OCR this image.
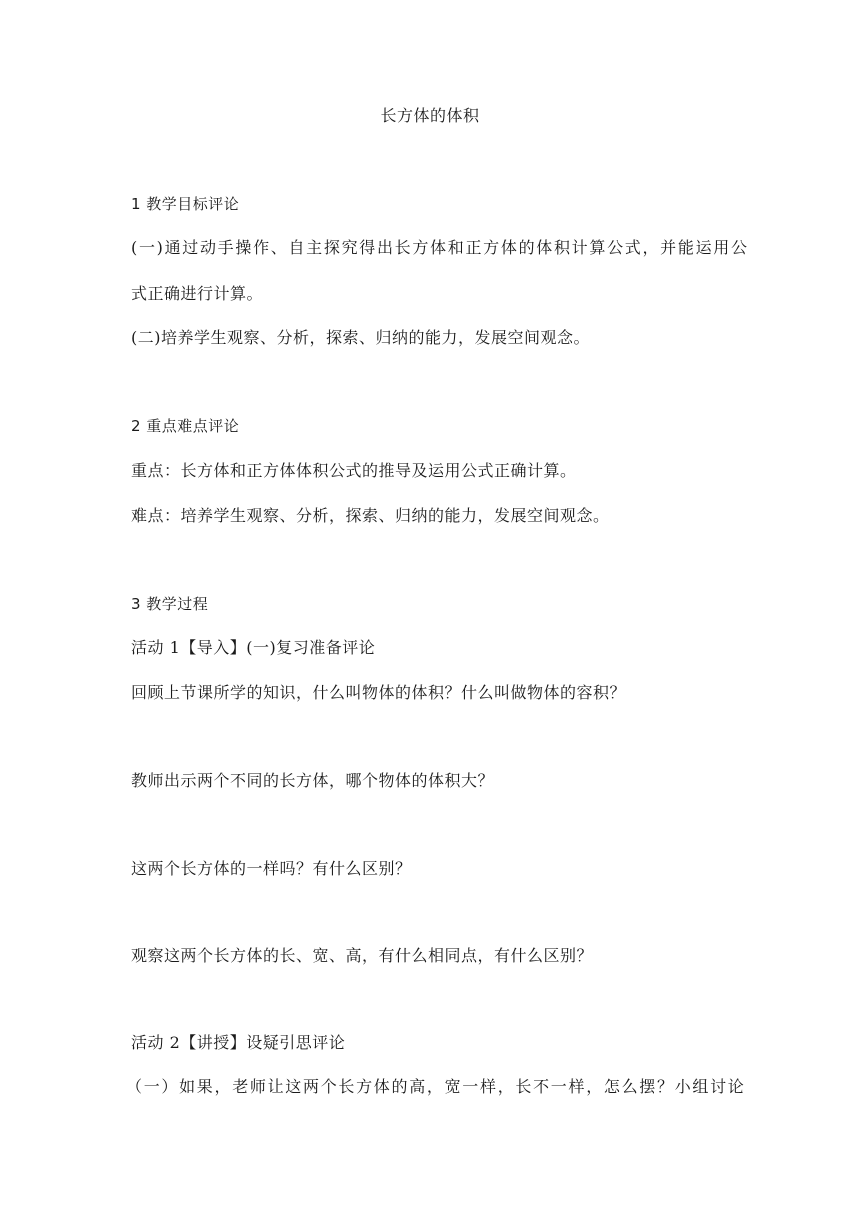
长方体的体积
1 教学目标评论
(一)通过动手操作、自主探究得出长方体和正方体的体积计算公式，并能运用公
式正确进行计算。
(二)培养学生观察、分析，探索、归纳的能力，发展空间观念。
2 重点难点评论
重点：长方体和正方体体积公式的推导及运用公式正确计算。
难点：培养学生观察、分析，探索、归纳的能力，发展空间观念。
3 教学过程
活动 1【导入】(一)复习准备评论
回顾上节课所学的知识，什么叫物体的体积？什么叫做物体的容积？
教师出示两个不同的长方体，哪个物体的体积大？
这两个长方体的一样吗？有什么区别？
观察这两个长方体的长、宽、高，有什么相同点，有什么区别？
活动 2【讲授】设疑引思评论
（一）如果，老师让这两个长方体的高，宽一样，长不一样，怎么摆？小组讨论
